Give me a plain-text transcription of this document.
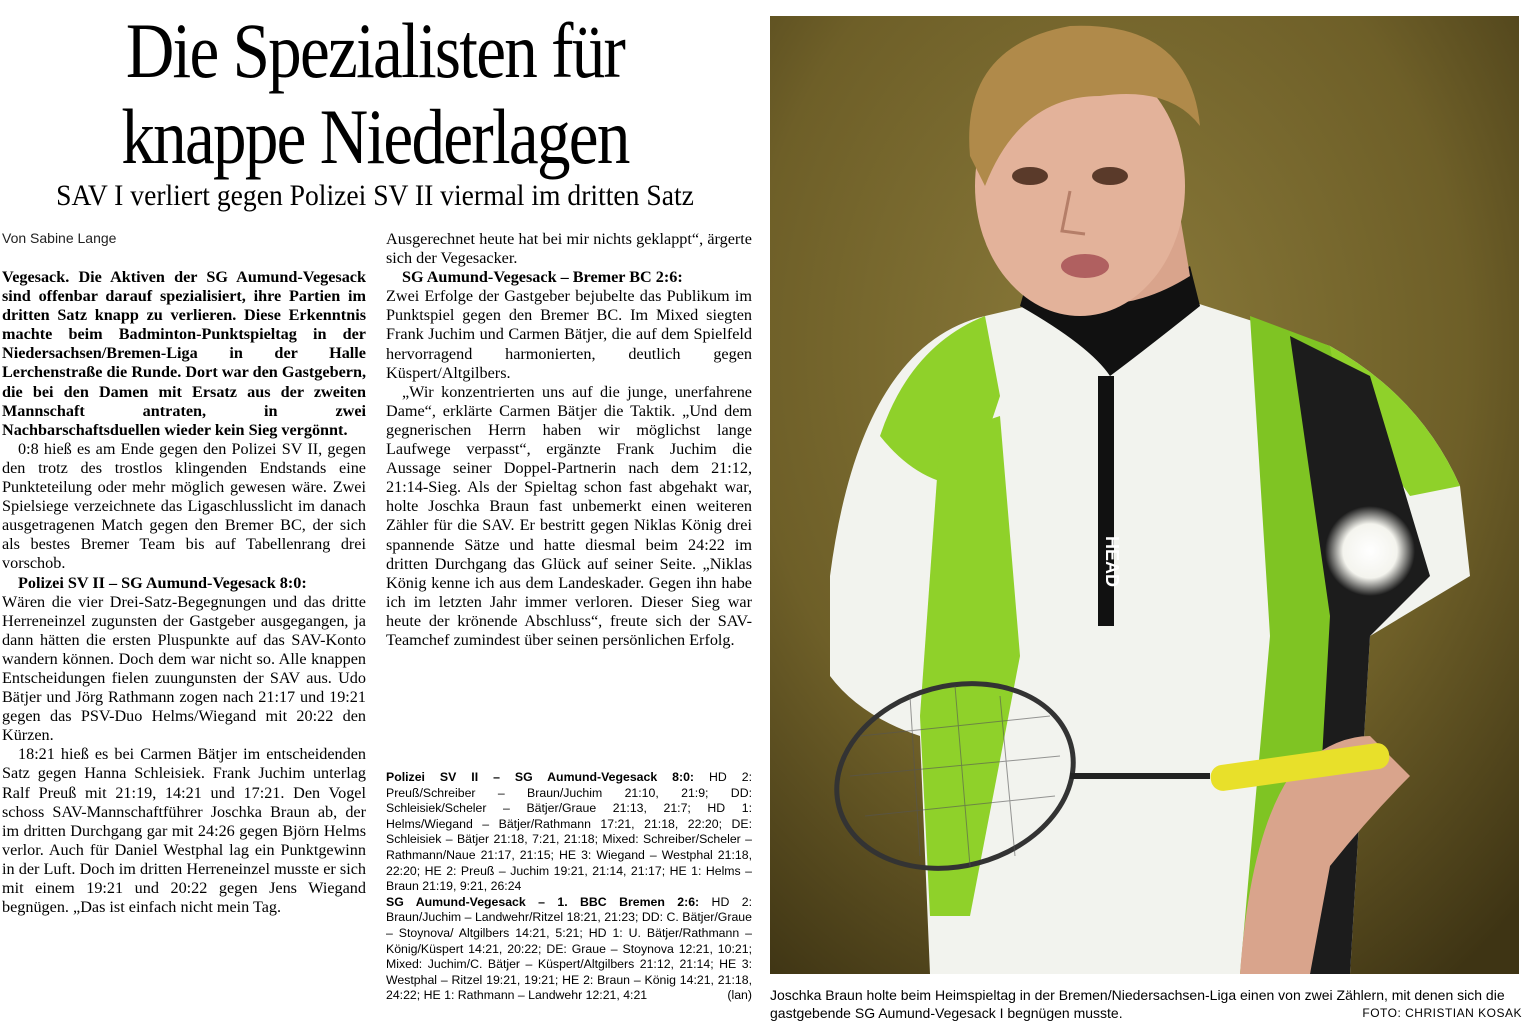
Die Spezialisten für
knappe Niederlagen
SAV I verliert gegen Polizei SV II viermal im dritten Satz
Von Sabine Lange

Vegesack. Die Aktiven der SG Aumund-Vegesack sind offenbar darauf spezialisiert, ihre Partien im dritten Satz knapp zu verlieren. Diese Erkenntnis machte beim Badminton-Punktspieltag in der Niedersachsen/Bremen-Liga in der Halle Lerchenstraße die Runde. Dort war den Gastgebern, die bei den Damen mit Ersatz aus der zweiten Mannschaft antraten, in zwei Nachbarschaftsduellen wieder kein Sieg vergönnt.

0:8 hieß es am Ende gegen den Polizei SV II, gegen den trotz des trostlos klingenden Endstands eine Punkteteilung oder mehr möglich gewesen wäre. Zwei Spielsiege verzeichnete das Ligaschlusslicht im danach ausgetragenen Match gegen den Bremer BC, der sich als bestes Bremer Team bis auf Tabellenrang drei vorschob.

Polizei SV II – SG Aumund-Vegesack 8:0:

Wären die vier Drei-Satz-Begegnungen und das dritte Herreneinzel zugunsten der Gastgeber ausgegangen, ja dann hätten die ersten Pluspunkte auf das SAV-Konto wandern können. Doch dem war nicht so. Alle knappen Entscheidungen fielen zuungunsten der SAV aus. Udo Bätjer und Jörg Rathmann zogen nach 21:17 und 19:21 gegen das PSV-Duo Helms/Wiegand mit 20:22 den Kürzen.

18:21 hieß es bei Carmen Bätjer im entscheidenden Satz gegen Hanna Schleisiek. Frank Juchim unterlag Ralf Preuß mit 21:19, 14:21 und 17:21. Den Vogel schoss SAV-Mannschaftführer Joschka Braun ab, der im dritten Durchgang gar mit 24:26 gegen Björn Helms verlor. Auch für Daniel Westphal lag ein Punktgewinn in der Luft. Doch im dritten Herreneinzel musste er sich mit einem 19:21 und 20:22 gegen Jens Wiegand begnügen. „Das ist einfach nicht mein Tag.

Ausgerechnet heute hat bei mir nichts geklappt“, ärgerte sich der Vegesacker.

SG Aumund-Vegesack – Bremer BC 2:6:

Zwei Erfolge der Gastgeber bejubelte das Publikum im Punktspiel gegen den Bremer BC. Im Mixed siegten Frank Juchim und Carmen Bätjer, die auf dem Spielfeld hervorragend harmonierten, deutlich gegen Küspert/Altgilbers.

„Wir konzentrierten uns auf die junge, unerfahrene Dame“, erklärte Carmen Bätjer die Taktik. „Und dem gegnerischen Herrn haben wir möglichst lange Laufwege verpasst“, ergänzte Frank Juchim die Aussage seiner Doppel-Partnerin nach dem 21:12, 21:14-Sieg. Als der Spieltag schon fast abgehakt war, holte Joschka Braun fast unbemerkt einen weiteren Zähler für die SAV. Er bestritt gegen Niklas König drei spannende Sätze und hatte diesmal beim 24:22 im dritten Durchgang das Glück auf seiner Seite. „Niklas König kenne ich aus dem Landeskader. Gegen ihn habe ich im letzten Jahr immer verloren. Dieser Sieg war heute der krönende Abschluss“, freute sich der SAV-Teamchef zumindest über seinen persönlichen Erfolg.

Polizei SV II – SG Aumund-Vegesack 8:0: HD 2: Preuß/Schreiber – Braun/Juchim 21:10, 21:9; DD: Schleisiek/Scheler – Bätjer/Graue 21:13, 21:7; HD 1: Helms/Wiegand – Bätjer/Rathmann 17:21, 21:18, 22:20; DE: Schleisiek – Bätjer 21:18, 7:21, 21:18; Mixed: Schreiber/Scheler – Rathmann/Naue 21:17, 21:15; HE 3: Wiegand – Westphal 21:18, 22:20; HE 2: Preuß – Juchim 19:21, 21:14, 21:17; HE 1: Helms – Braun 21:19, 9:21, 26:24

SG Aumund-Vegesack – 1. BBC Bremen 2:6: HD 2: Braun/Juchim – Landwehr/Ritzel 18:21, 21:23; DD: C. Bätjer/Graue – Stoynova/ Altgilbers 14:21, 5:21; HD 1: U. Bätjer/Rathmann – König/Küspert 14:21, 20:22; DE: Graue – Stoynova 12:21, 10:21; Mixed: Juchim/C. Bätjer – Küspert/Altgilbers 21:12, 21:14; HE 3: Westphal – Ritzel 19:21, 19:21; HE 2: Braun – König 14:21, 21:18, 24:22; HE 1: Rathmann – Landwehr 12:21, 4:21	(lan)

HEAD
Joschka Braun holte beim Heimspieltag in der Bremen/Niedersachsen-Liga einen von zwei Zählern, mit denen sich die gastgebende SG Aumund-Vegesack I begnügen musste.	FOTO: CHRISTIAN KOSAK
